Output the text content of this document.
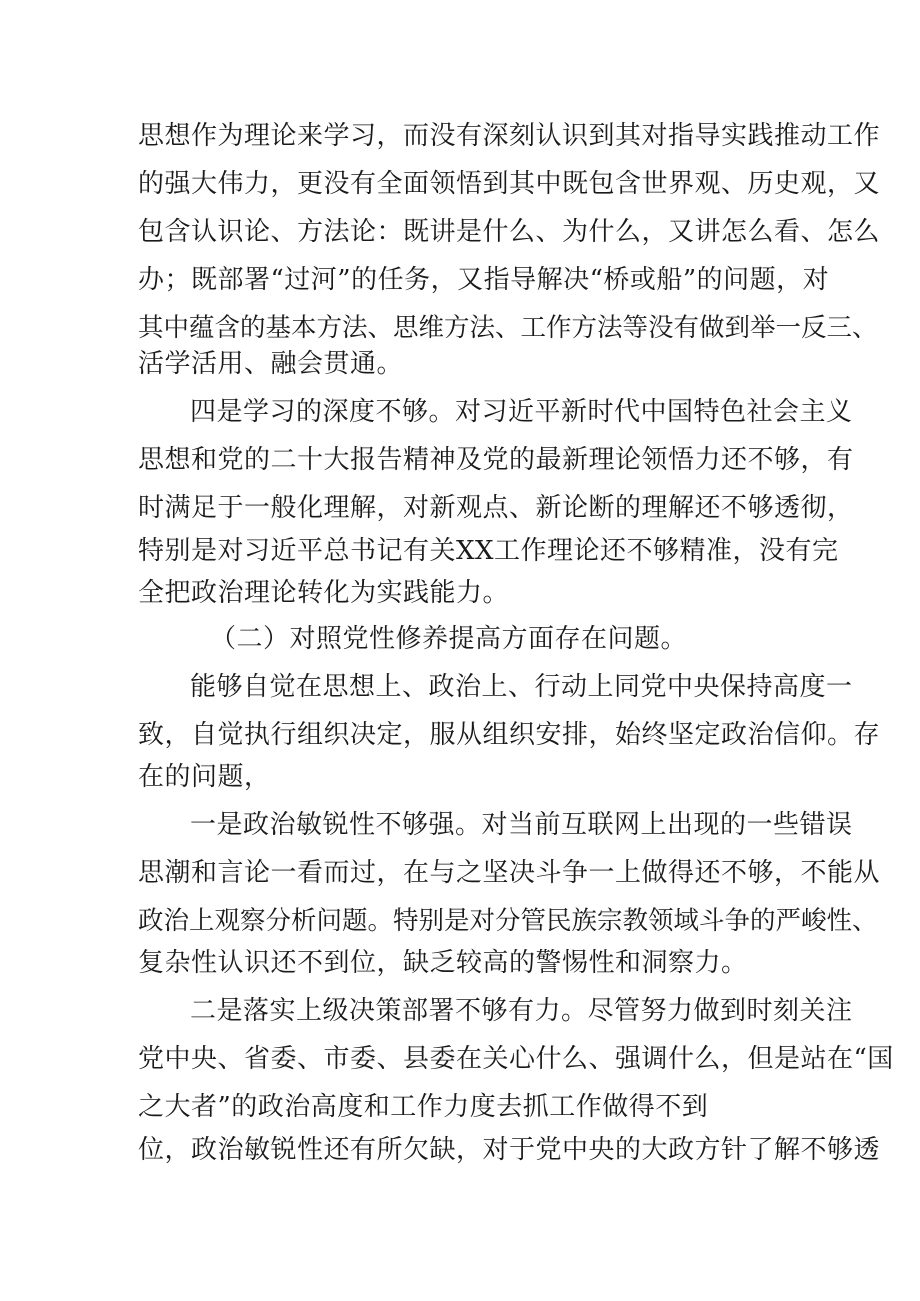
思想作为理论来学习，而没有深刻认识到其对指导实践推动工作
的强大伟力，更没有全面领悟到其中既包含世界观、历史观，又
包含认识论、方法论：既讲是什么、为什么，又讲怎么看、怎么
办；既部署“过河”的任务，又指导解决“桥或船”的问题，对
其中蕴含的基本方法、思维方法、工作方法等没有做到举一反三、
活学活用、融会贯通。
四是学习的深度不够。对习近平新时代中国特色社会主义
思想和党的二十大报告精神及党的最新理论领悟力还不够，有
时满足于一般化理解，对新观点、新论断的理解还不够透彻，
特别是对习近平总书记有关XX工作理论还不够精准，没有完
全把政治理论转化为实践能力。
（二）对照党性修养提高方面存在问题。
能够自觉在思想上、政治上、行动上同党中央保持高度一
致，自觉执行组织决定，服从组织安排，始终坚定政治信仰。存
在的问题，
一是政治敏锐性不够强。对当前互联网上出现的一些错误
思潮和言论一看而过，在与之坚决斗争一上做得还不够，不能从
政治上观察分析问题。特别是对分管民族宗教领域斗争的严峻性、
复杂性认识还不到位，缺乏较高的警惕性和洞察力。
二是落实上级决策部署不够有力。尽管努力做到时刻关注
党中央、省委、市委、县委在关心什么、强调什么，但是站在“国
之大者”的政治高度和工作力度去抓工作做得不到
位，政治敏锐性还有所欠缺，对于党中央的大政方针了解不够透
